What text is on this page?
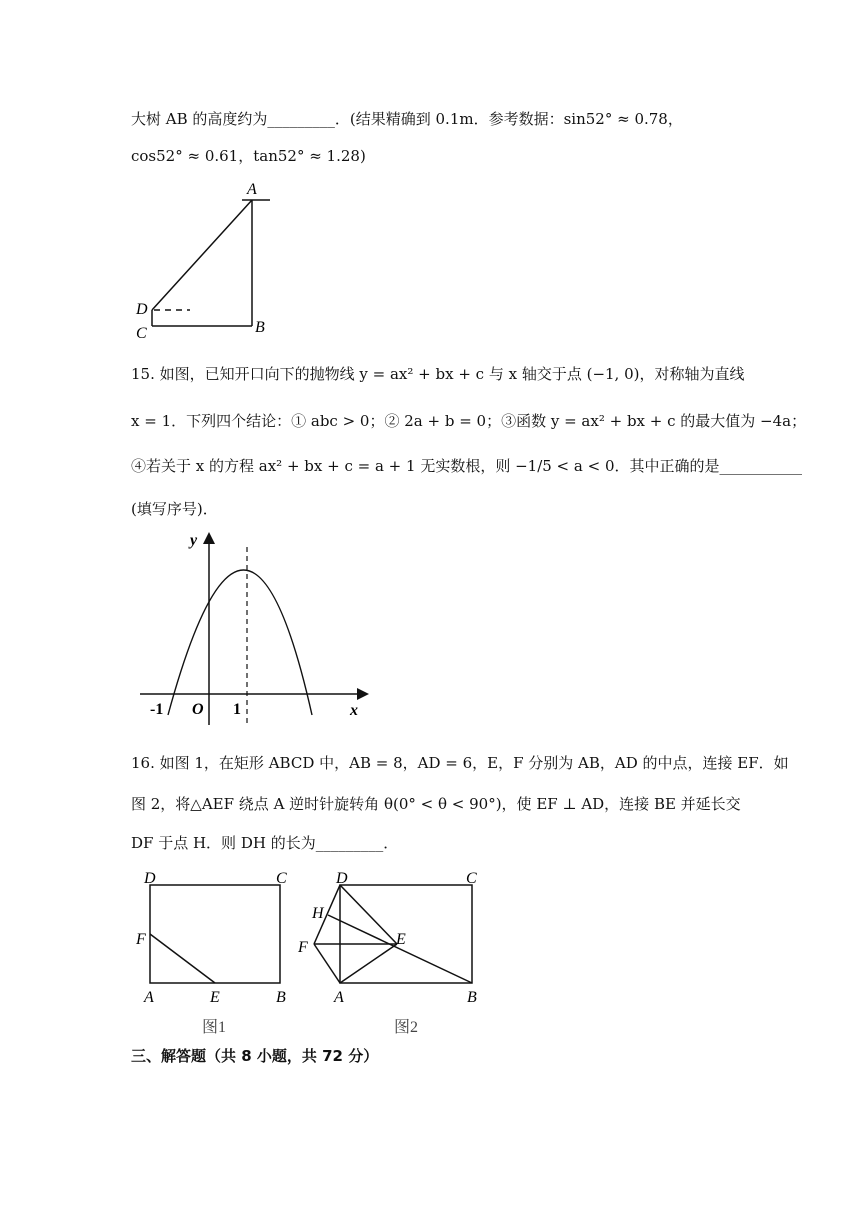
大树 AB 的高度约为_________．(结果精确到 0.1m．参考数据：sin52° ≈ 0.78，
cos52° ≈ 0.61，tan52° ≈ 1.28)
A
B
C
D
15. 如图，已知开口向下的抛物线 y = ax² + bx + c 与 x 轴交于点 (−1, 0)，对称轴为直线
x = 1．下列四个结论：① abc > 0；② 2a + b = 0；③函数 y = ax² + bx + c 的最大值为 −4a；
④若关于 x 的方程 ax² + bx + c = a + 1 无实数根，则 −1/5 < a < 0．其中正确的是___________
(填写序号)．
y
x
O
-1	1
16. 如图 1，在矩形 ABCD 中，AB = 8，AD = 6，E，F 分别为 AB，AD 的中点，连接 EF．如
图 2，将△AEF 绕点 A 逆时针旋转角 θ(0° < θ < 90°)，使 EF ⊥ AD，连接 BE 并延长交
DF 于点 H．则 DH 的长为_________．
D	C
F
A	E	B
图1
D	C
H
E
F
A	B
图2
三、解答题（共 8 小题，共 72 分）
